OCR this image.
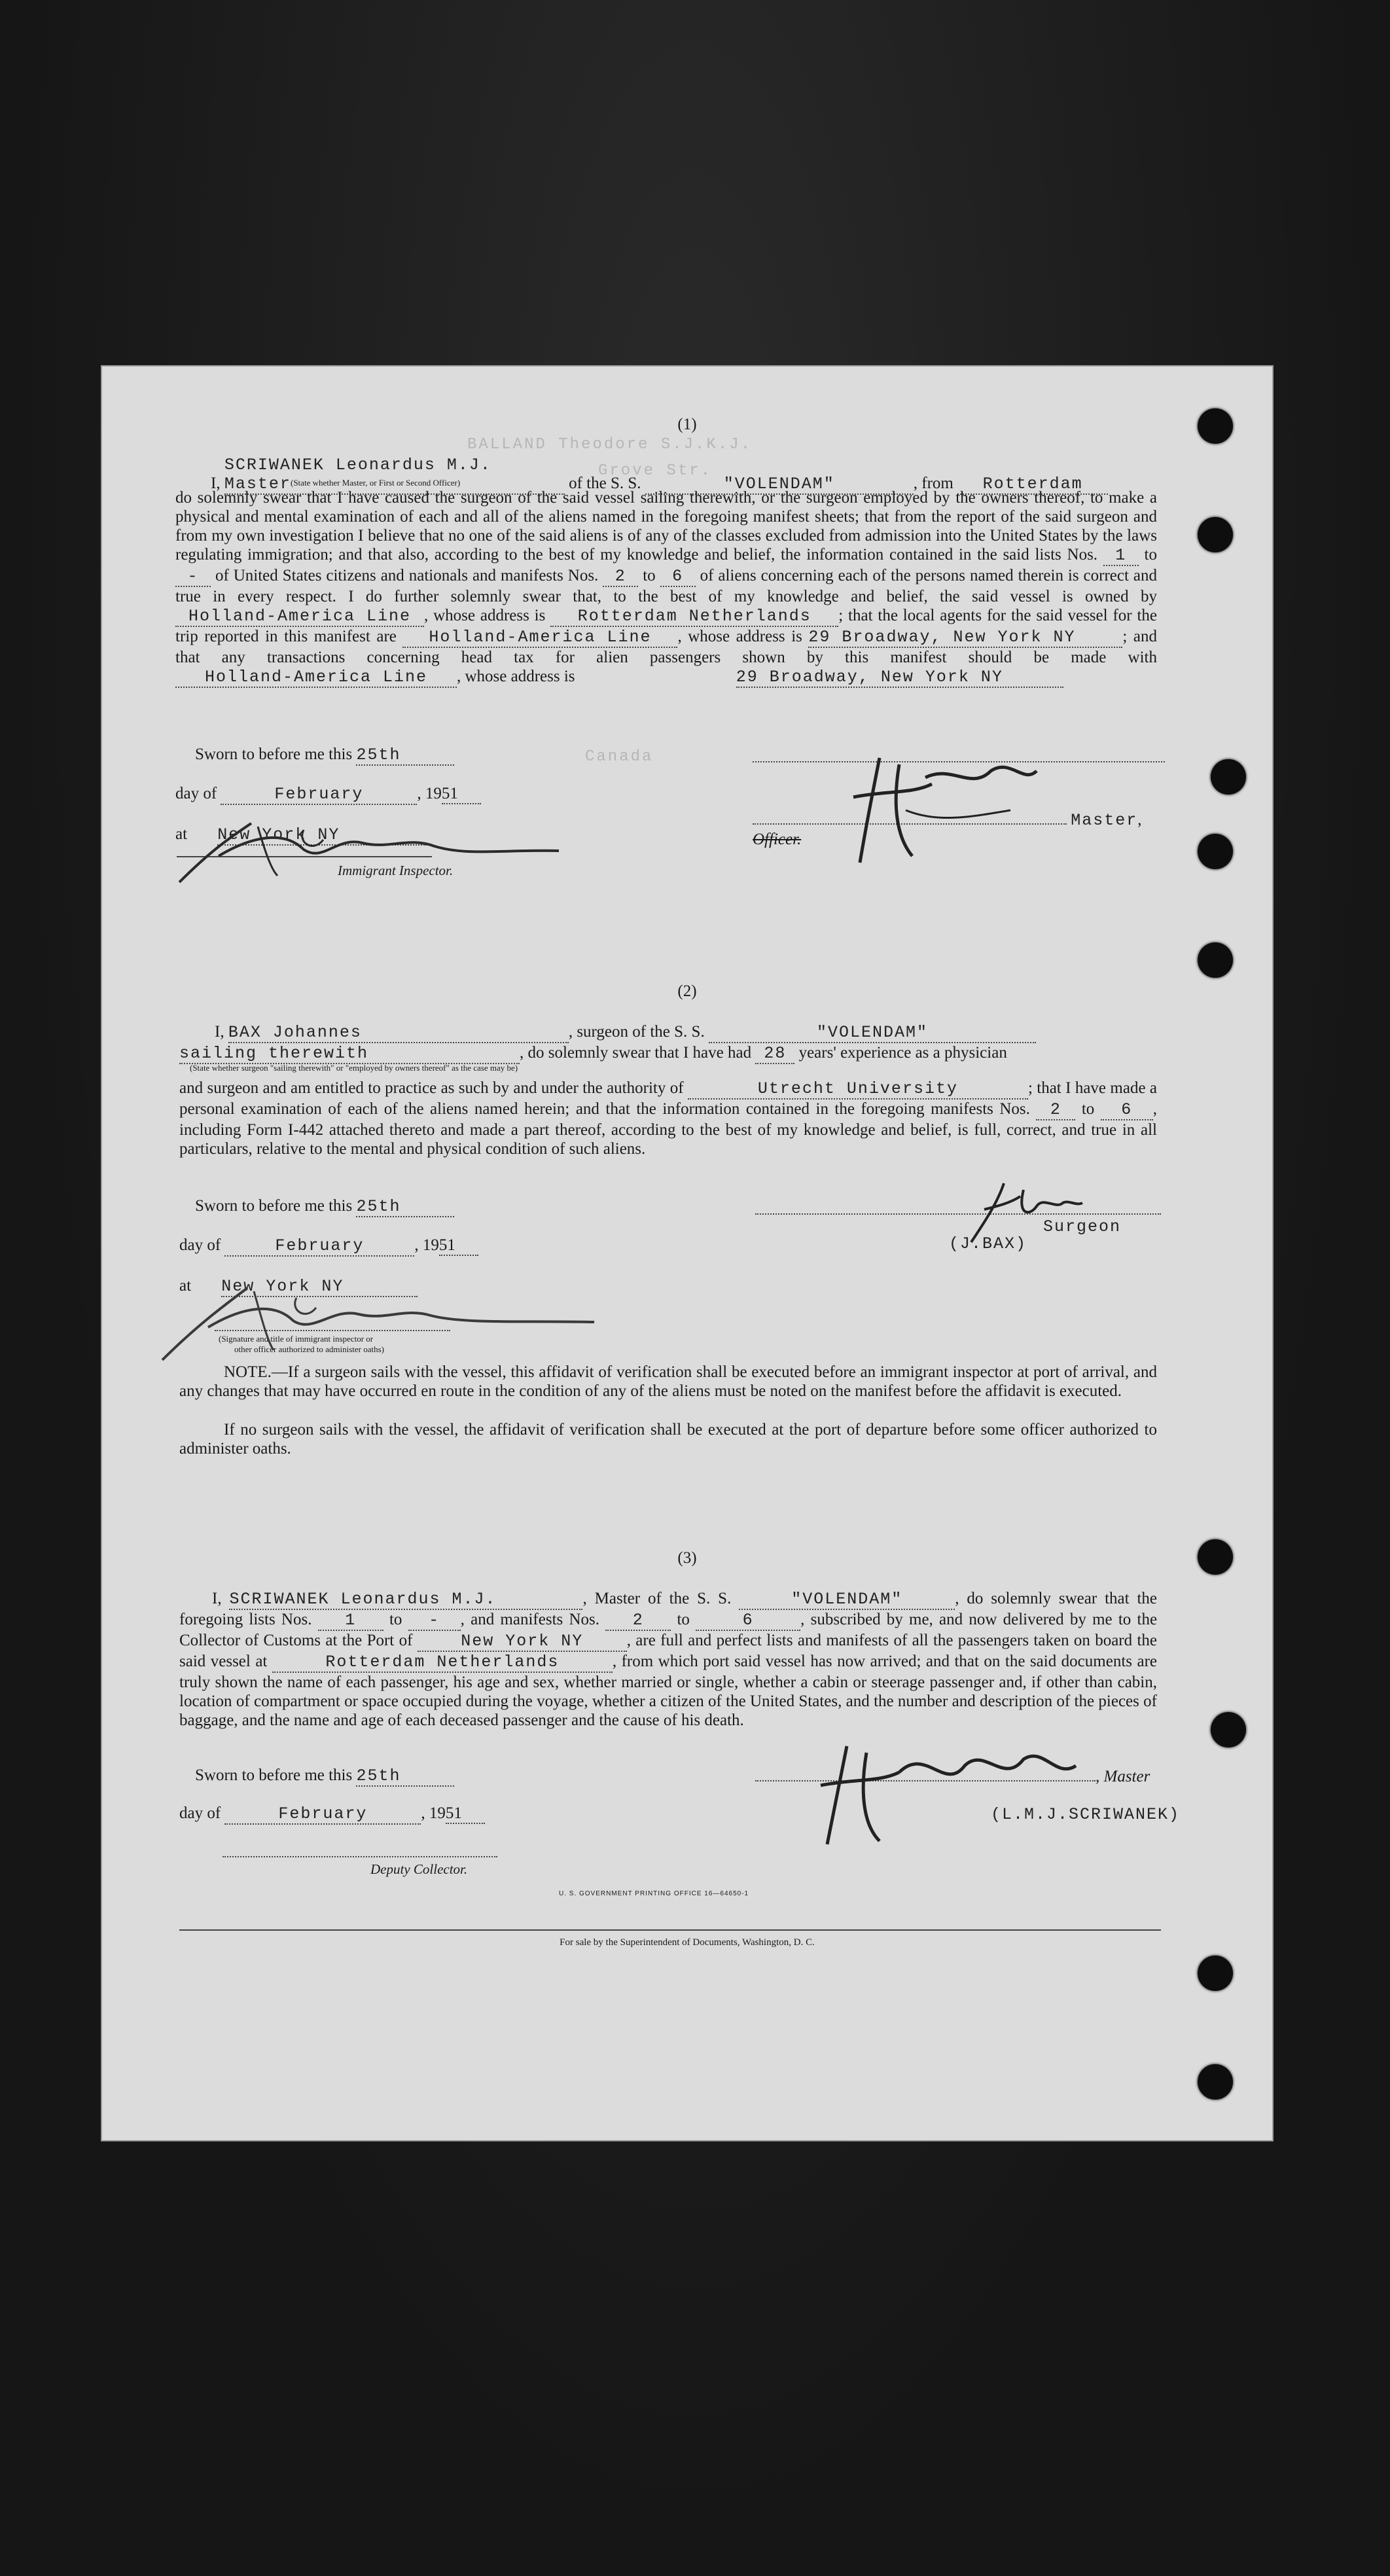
BALLAND Theodore S.J.K.J.
Grove Str.
Canada
(1)
I, SCRIWANEK Leonardus M.J. Master	of the S. S.	"VOLENDAM"	, from Rotterdam
(State whether Master, or First or Second Officer)
do solemnly swear that I have caused the surgeon of the said vessel sailing therewith, or the surgeon employed by the owners thereof, to make a physical and mental examination of each and all of the aliens named in the foregoing manifest sheets; that from the report of the said surgeon and from my own investigation I believe that no one of the said aliens is of any of the classes excluded from admission into the United States by the laws regulating immigration; and that also, according to the best of my knowledge and belief, the information contained in the said lists Nos. 1 to - of United States citizens and nationals and manifests Nos. 2 to 6 of aliens concerning each of the persons named therein is correct and true in every respect. I do further solemnly swear that, to the best of my knowledge and belief, the said vessel is owned by Holland-America Line , whose address is Rotterdam Netherlands ; that the local agents for the said vessel for the trip reported in this manifest are Holland-America Line , whose address is 29 Broadway, New York NY	; and that any transactions concerning head tax for alien passengers shown by this manifest should be made with Holland-America Line , whose address is	29 Broadway, New York NY
Sworn to before me this 25th
day of	February	, 1951
at New York NY
Immigrant Inspector.
Master, Officer.
(2)
I, BAX Johannes	, surgeon of the S. S.	"VOLENDAM"
sailing therewith	, do solemnly swear that I have had 28 years' experience as a physician
(State whether surgeon "sailing therewith" or "employed by owners thereof" as the case may be)
and surgeon and am entitled to practice as such by and under the authority of	Utrecht University	; that I have made a personal examination of each of the aliens named herein; and that the information contained in the foregoing manifests Nos. 2 to 6 , including Form I-442 attached thereto and made a part thereof, according to the best of my knowledge and belief, is full, correct, and true in all particulars, relative to the mental and physical condition of such aliens.
Sworn to before me this 25th
day of	February	, 1951
at New York NY
(Signature and title of immigrant inspector or
other officer authorized to administer oaths)
Surgeon
(J.BAX)
NOTE.—If a surgeon sails with the vessel, this affidavit of verification shall be executed before an immigrant inspector at port of arrival, and any changes that may have occurred en route in the condition of any of the aliens must be noted on the manifest before the affidavit is executed.
If no surgeon sails with the vessel, the affidavit of verification shall be executed at the port of departure before some officer authorized to administer oaths.
(3)
I, SCRIWANEK Leonardus M.J.	, Master of the S. S.	"VOLENDAM"	, do solemnly swear that the foregoing lists Nos. 1 to - , and manifests Nos. 2 to	6	, subscribed by me, and now delivered by me to the Collector of Customs at the Port of	New York NY	, are full and perfect lists and manifests of all the passengers taken on board the said vessel at	Rotterdam Netherlands	, from which port said vessel has now arrived; and that on the said documents are truly shown the name of each passenger, his age and sex, whether married or single, whether a cabin or steerage passenger and, if other than cabin, location of compartment or space occupied during the voyage, whether a citizen of the United States, and the number and description of the pieces of baggage, and the name and age of each deceased passenger and the cause of his death.
Sworn to before me this 25th
day of	February	, 1951
Deputy Collector.
, Master
(L.M.J.SCRIWANEK)
U. S. GOVERNMENT PRINTING OFFICE 16—64650-1
For sale by the Superintendent of Documents, Washington, D. C.
